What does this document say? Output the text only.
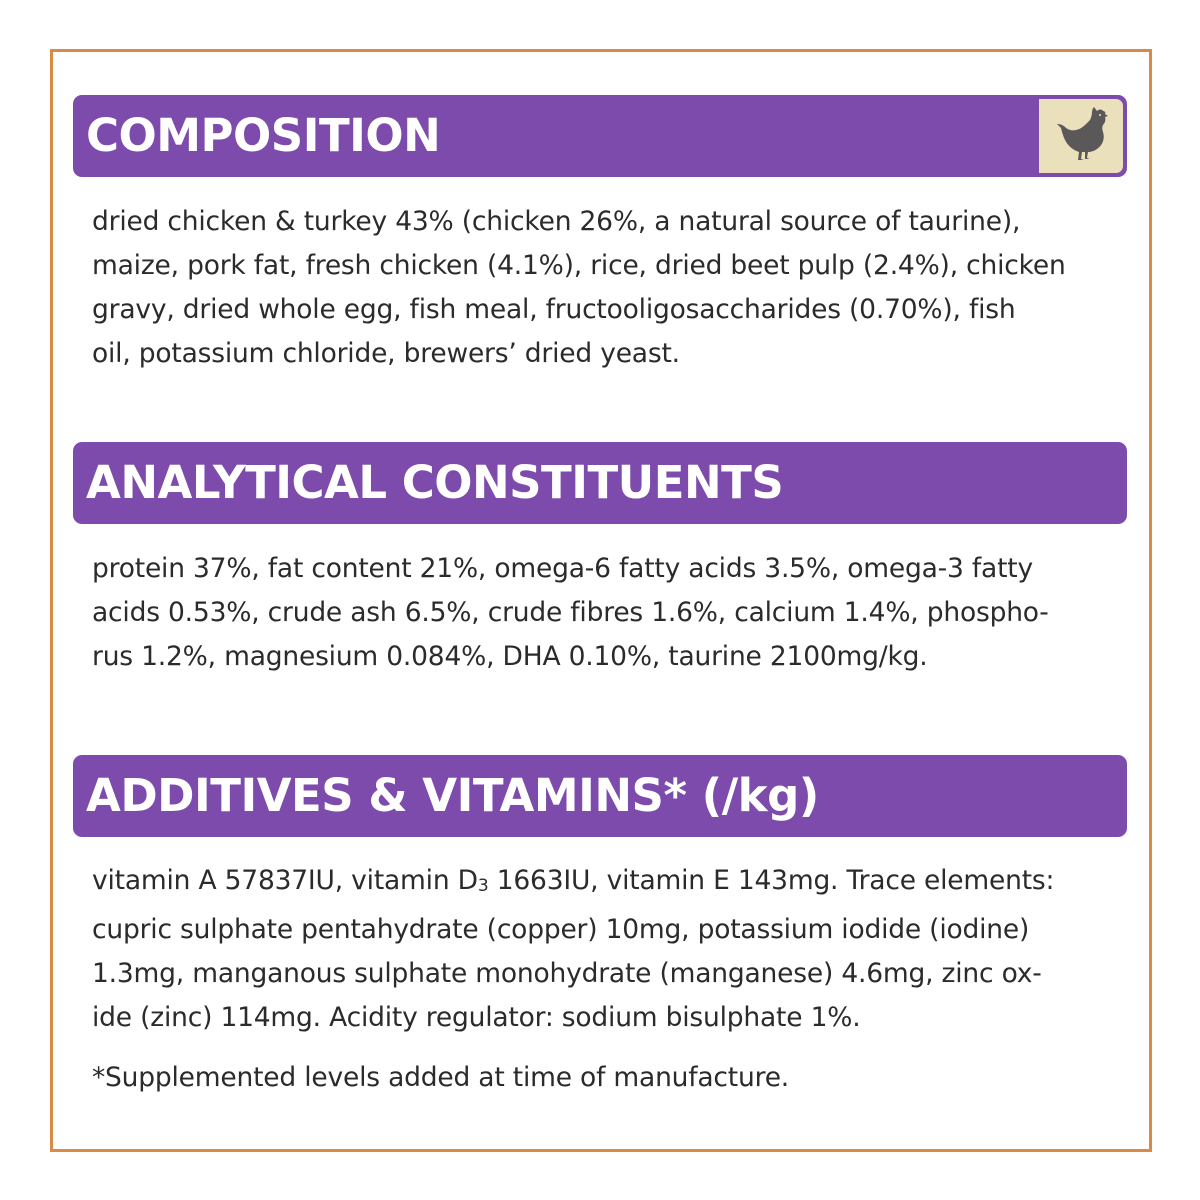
COMPOSITION

dried chicken & turkey 43% (chicken 26%, a natural source of taurine),
maize, pork fat, fresh chicken (4.1%), rice, dried beet pulp (2.4%), chicken
gravy, dried whole egg, fish meal, fructooligosaccharides (0.70%), fish
oil, potassium chloride, brewers’ dried yeast.

ANALYTICAL CONSTITUENTS

protein 37%, fat content 21%, omega-6 fatty acids 3.5%, omega-3 fatty
acids 0.53%, crude ash 6.5%, crude fibres 1.6%, calcium 1.4%, phospho-
rus 1.2%, magnesium 0.084%, DHA 0.10%, taurine 2100mg/kg.

ADDITIVES & VITAMINS* (/kg)

vitamin A 57837IU, vitamin D3 1663IU, vitamin E 143mg. Trace elements:
cupric sulphate pentahydrate (copper) 10mg, potassium iodide (iodine)
1.3mg, manganous sulphate monohydrate (manganese) 4.6mg, zinc ox-
ide (zinc) 114mg. Acidity regulator: sodium bisulphate 1%.

*Supplemented levels added at time of manufacture.
